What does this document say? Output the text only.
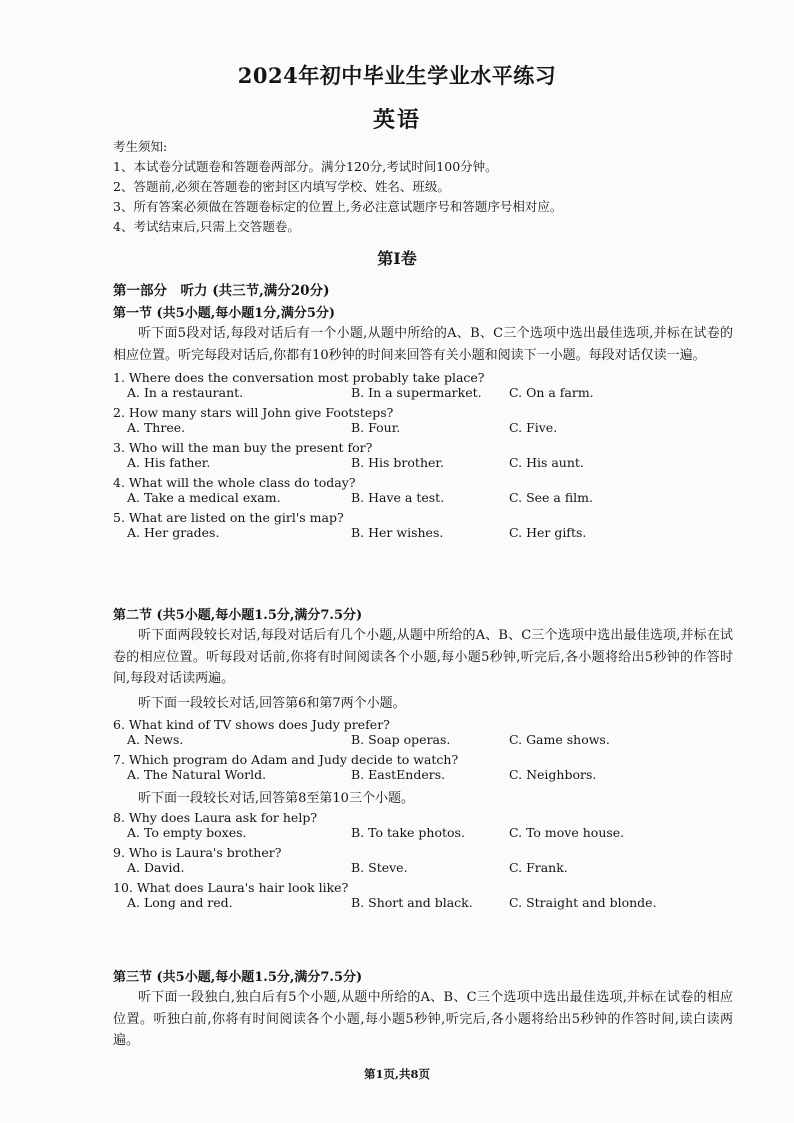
2024年初中毕业生学业水平练习
英语
考生须知:
1、本试卷分试题卷和答题卷两部分。满分120分,考试时间100分钟。
2、答题前,必须在答题卷的密封区内填写学校、姓名、班级。
3、所有答案必须做在答题卷标定的位置上,务必注意试题序号和答题序号相对应。
4、考试结束后,只需上交答题卷。
第I卷
第一部分　听力 (共三节,满分20分)
第一节 (共5小题,每小题1分,满分5分)
听下面5段对话,每段对话后有一个小题,从题中所给的A、B、C三个选项中选出最佳选项,并标在试卷的相应位置。听完每段对话后,你都有10秒钟的时间来回答有关小题和阅读下一小题。每段对话仅读一遍。
1. Where does the conversation most probably take place?
A. In a restaurant.	B. In a supermarket. C. On a farm.
2. How many stars will John give Footsteps?
A. Three.	B. Four.	C. Five.
3. Who will the man buy the present for?
A. His father.	B. His brother.	C. His aunt.
4. What will the whole class do today?
A. Take a medical exam.	B. Have a test.	C. See a film.
5. What are listed on the girl's map?
A. Her grades.	B. Her wishes.	C. Her gifts.
第二节 (共5小题,每小题1.5分,满分7.5分)
听下面两段较长对话,每段对话后有几个小题,从题中所给的A、B、C三个选项中选出最佳选项,并标在试卷的相应位置。听每段对话前,你将有时间阅读各个小题,每小题5秒钟,听完后,各小题将给出5秒钟的作答时间,每段对话读两遍。
听下面一段较长对话,回答第6和第7两个小题。
6. What kind of TV shows does Judy prefer?
A. News.	B. Soap operas.	C. Game shows.
7. Which program do Adam and Judy decide to watch?
A. The Natural World.	B. EastEnders.	C. Neighbors.
听下面一段较长对话,回答第8至第10三个小题。
8. Why does Laura ask for help?
A. To empty boxes.	B. To take photos.	C. To move house.
9. Who is Laura's brother?
A. David.	B. Steve.	C. Frank.
10. What does Laura's hair look like?
A. Long and red.	B. Short and black.	C. Straight and blonde.
第三节 (共5小题,每小题1.5分,满分7.5分)
听下面一段独白,独白后有5个小题,从题中所给的A、B、C三个选项中选出最佳选项,并标在试卷的相应位置。听独白前,你将有时间阅读各个小题,每小题5秒钟,听完后,各小题将给出5秒钟的作答时间,读白读两遍。
第1页,共8页
